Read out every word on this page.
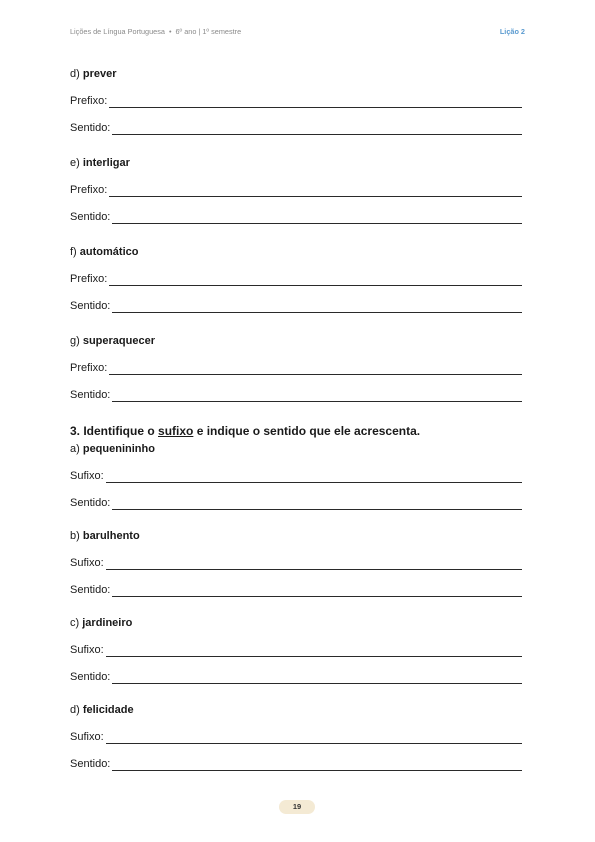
Lições de Língua Portuguesa • 6º ano | 1º semestre	Lição 2

d) prever

Prefixo:
Sentido:

e) interligar

Prefixo:
Sentido:

f) automático

Prefixo:
Sentido:

g) superaquecer

Prefixo:
Sentido:
3. Identifique o sufixo e indique o sentido que ele acrescenta.

a) pequenininho

Sufixo:
Sentido:

b) barulhento

Sufixo:
Sentido:

c) jardineiro

Sufixo:
Sentido:

d) felicidade

Sufixo:
Sentido:
19
